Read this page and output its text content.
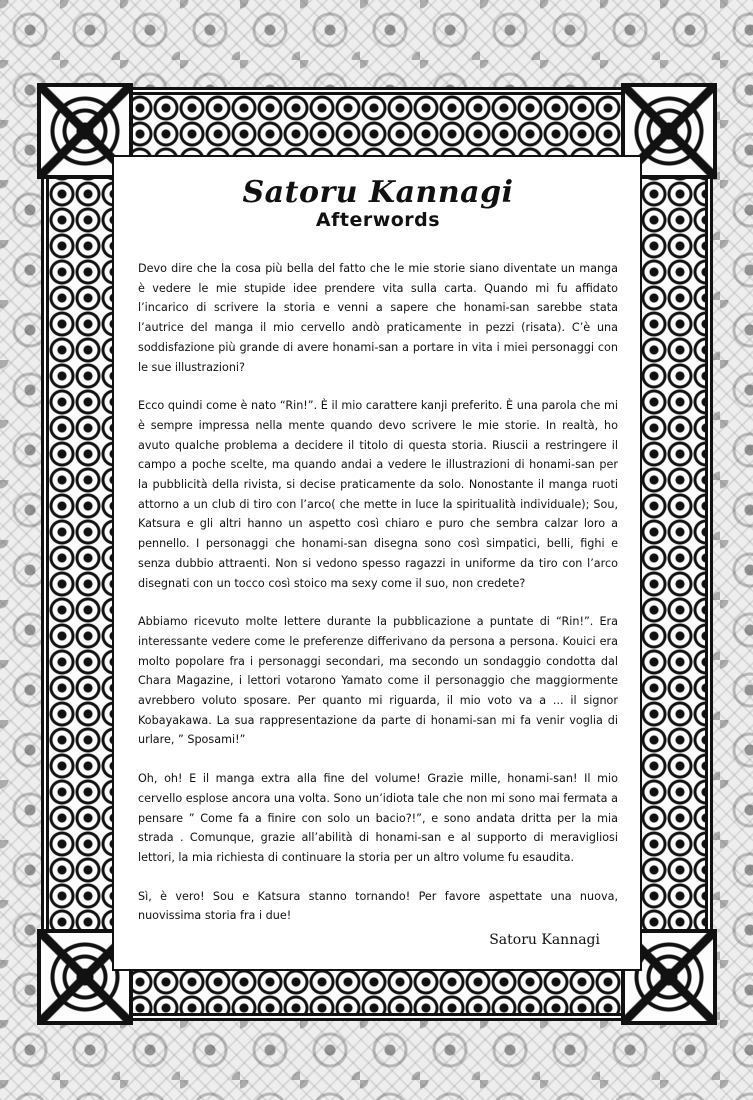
Satoru Kannagi
Afterwords

Devo dire che la cosa più bella del fatto che le mie storie siano diventate un manga è vedere le mie stupide idee prendere vita sulla carta. Quando mi fu affidato l’incarico di scrivere la storia e venni a sapere che honami-san sarebbe stata l’autrice del manga il mio cervello andò praticamente in pezzi (risata). C’è una soddisfazione più grande di avere honami-san a portare in vita i miei personaggi con le sue illustrazioni?

Ecco quindi come è nato “Rin!”. È il mio carattere kanji preferito. È una parola che mi è sempre impressa nella mente quando devo scrivere le mie storie. In realtà, ho avuto qualche problema a decidere il titolo di questa storia. Riuscii a restringere il campo a poche scelte, ma quando andai a vedere le illustrazioni di honami-san per la pubblicità della rivista, si decise praticamente da solo. Nonostante il manga ruoti attorno a un club di tiro con l’arco( che mette in luce la spiritualità individuale); Sou, Katsura e gli altri hanno un aspetto così chiaro e puro che sembra calzar loro a pennello. I personaggi che honami-san disegna sono così simpatici, belli, fighi e senza dubbio attraenti. Non si vedono spesso ragazzi in uniforme da tiro con l’arco disegnati con un tocco così stoico ma sexy come il suo, non credete?

Abbiamo ricevuto molte lettere durante la pubblicazione a puntate di “Rin!”. Era interessante vedere come le preferenze differivano da persona a persona. Kouici era molto popolare fra i personaggi secondari, ma secondo un sondaggio condotta dal Chara Magazine, i lettori votarono Yamato come il personaggio che maggiormente avrebbero voluto sposare. Per quanto mi riguarda, il mio voto va a ... il signor Kobayakawa. La sua rappresentazione da parte di honami-san mi fa venir voglia di urlare, ” Sposami!”

Oh, oh! E il manga extra alla fine del volume! Grazie mille, honami-san! Il mio cervello esplose ancora una volta. Sono un’idiota tale che non mi sono mai fermata a pensare ” Come fa a finire con solo un bacio?!”, e sono andata dritta per la mia strada . Comunque, grazie all’abilità di honami-san e al supporto di meravigliosi lettori, la mia richiesta di continuare la storia per un altro volume fu esaudita.

Sì, è vero! Sou e Katsura stanno tornando! Per favore aspettate una nuova, nuovissima storia fra i due!

Satoru Kannagi
